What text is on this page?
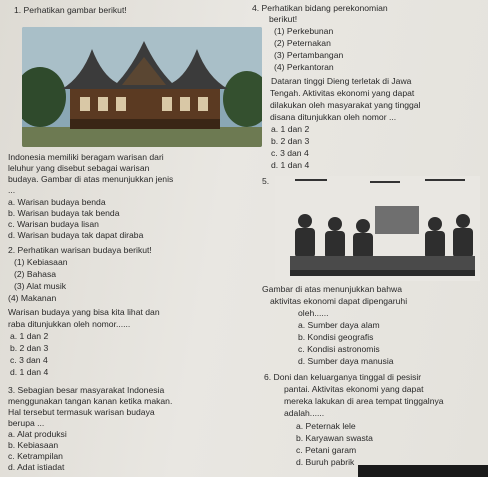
1. Perhatikan gambar berikut!
Indonesia memiliki beragam warisan dari
leluhur yang disebut sebagai warisan
budaya. Gambar di atas menunjukkan jenis
...
a. Warisan budaya benda
b. Warisan budaya tak benda
c. Warisan budaya lisan
d. Warisan budaya tak dapat diraba
2. Perhatikan warisan budaya berikut!
(1) Kebiasaan
(2) Bahasa
(3) Alat musik
(4) Makanan
Warisan budaya yang bisa kita lihat dan
raba ditunjukkan oleh nomor......
a. 1 dan 2
b. 2 dan 3
c. 3 dan 4
d. 1 dan 4
3. Sebagian besar masyarakat Indonesia
menggunakan tangan kanan ketika makan.
Hal tersebut termasuk warisan budaya
berupa ...
a. Alat produksi
b. Kebiasaan
c. Ketrampilan
d. Adat istiadat
4. Perhatikan bidang perekonomian
berikut!
(1) Perkebunan
(2) Peternakan
(3) Pertambangan
(4) Perkantoran
Dataran tinggi Dieng terletak di Jawa
Tengah. Aktivitas ekonomi yang dapat
dilakukan oleh masyarakat yang tinggal
disana ditunjukkan oleh nomor ...
a. 1 dan 2
b. 2 dan 3
c. 3 dan 4
d. 1 dan 4
5.
Gambar di atas menunjukkan bahwa
aktivitas ekonomi dapat dipengaruhi
oleh......
a. Sumber daya alam
b. Kondisi geografis
c. Kondisi astronomis
d. Sumber daya manusia
6. Doni dan keluarganya tinggal di pesisir
pantai. Aktivitas ekonomi yang dapat
mereka lakukan di area tempat tinggalnya
adalah......
a. Peternak lele
b. Karyawan swasta
c. Petani garam
d. Buruh pabrik
